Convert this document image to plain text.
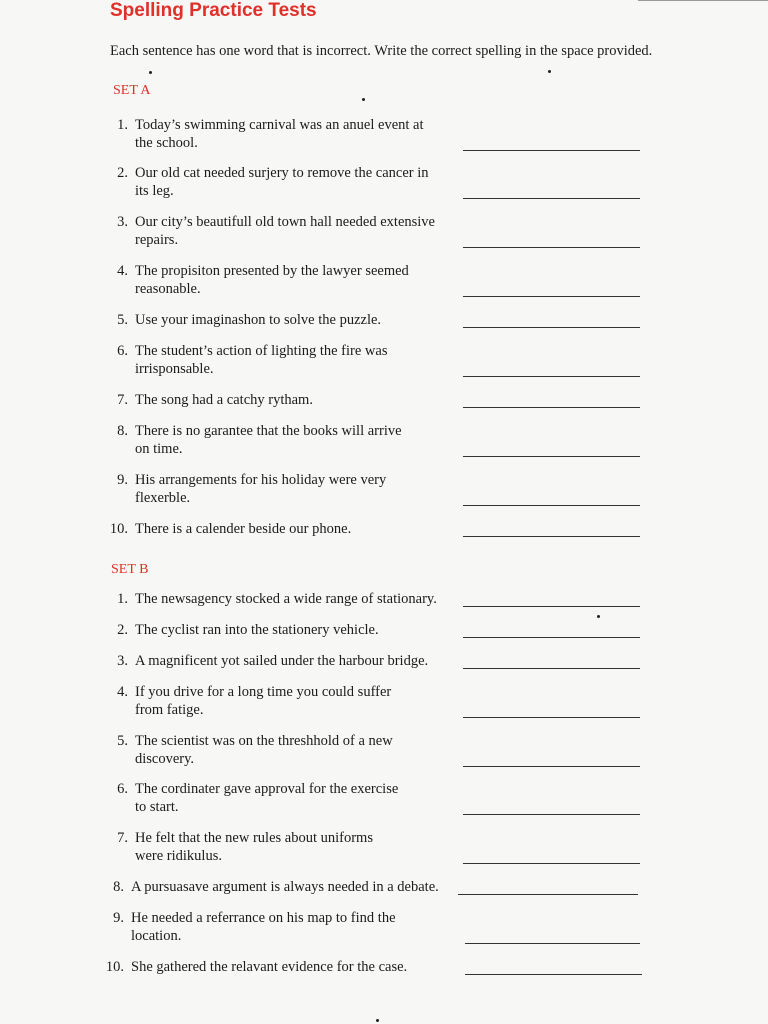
Spelling Practice Tests
Each sentence has one word that is incorrect. Write the correct spelling in the space provided.
SET A
1. Today’s swimming carnival was an anuel event at
the school.
2. Our old cat needed surjery to remove the cancer in
its leg.
3. Our city’s beautifull old town hall needed extensive
repairs.
4. The propisiton presented by the lawyer seemed
reasonable.
5. Use your imaginashon to solve the puzzle.
6. The student’s action of lighting the fire was
irrisponsable.
7. The song had a catchy rytham.
8. There is no garantee that the books will arrive
on time.
9. His arrangements for his holiday were very
flexerble.
10. There is a calender beside our phone.
SET B
1. The newsagency stocked a wide range of stationary.
2. The cyclist ran into the stationery vehicle.
3. A magnificent yot sailed under the harbour bridge.
4. If you drive for a long time you could suffer
from fatige.
5. The scientist was on the threshhold of a new
discovery.
6. The cordinater gave approval for the exercise
to start.
7. He felt that the new rules about uniforms
were ridikulus.
8. A pursuasave argument is always needed in a debate.
9. He needed a referrance on his map to find the
location.
10. She gathered the relavant evidence for the case.
